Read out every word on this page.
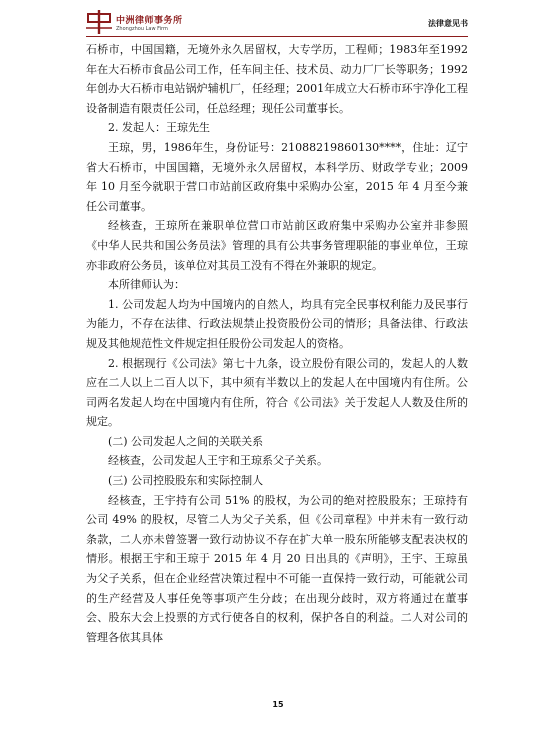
中洲律师事务所
Zhongzhou Law Firm
法律意见书

石桥市，中国国籍，无境外永久居留权，大专学历，工程师；1983年至1992年在大石桥市食品公司工作，任车间主任、技术员、动力厂厂长等职务；1992年创办大石桥市电站锅炉辅机厂，任经理；2001年成立大石桥市环宇净化工程设备制造有限责任公司，任总经理；现任公司董事长。

2. 发起人：王琼先生

王琼，男，1986年生，身份证号：21088219860130****，住址：辽宁省大石桥市，中国国籍，无境外永久居留权，本科学历、财政学专业；2009 年 10 月至今就职于营口市站前区政府集中采购办公室，2015 年 4 月至今兼任公司董事。

经核查，王琼所在兼职单位营口市站前区政府集中采购办公室并非参照《中华人民共和国公务员法》管理的具有公共事务管理职能的事业单位，王琼亦非政府公务员，该单位对其员工没有不得在外兼职的规定。

本所律师认为：

1. 公司发起人均为中国境内的自然人，均具有完全民事权利能力及民事行为能力，不存在法律、行政法规禁止投资股份公司的情形；具备法律、行政法规及其他规范性文件规定担任股份公司发起人的资格。

2. 根据现行《公司法》第七十九条，设立股份有限公司的，发起人的人数应在二人以上二百人以下，其中须有半数以上的发起人在中国境内有住所。公司两名发起人均在中国境内有住所，符合《公司法》关于发起人人数及住所的规定。

(二) 公司发起人之间的关联关系

经核查，公司发起人王宇和王琼系父子关系。

(三) 公司控股股东和实际控制人

经核查，王宇持有公司 51% 的股权，为公司的绝对控股股东；王琼持有公司 49% 的股权，尽管二人为父子关系，但《公司章程》中并未有一致行动条款，二人亦未曾签署一致行动协议不存在扩大单一股东所能够支配表决权的情形。根据王宇和王琼于 2015 年 4 月 20 日出具的《声明》，王宇、王琼虽为父子关系，但在企业经营决策过程中不可能一直保持一致行动，可能就公司的生产经营及人事任免等事项产生分歧；在出现分歧时，双方将通过在董事会、股东大会上投票的方式行使各自的权利，保护各自的利益。二人对公司的管理各依其具体

15
